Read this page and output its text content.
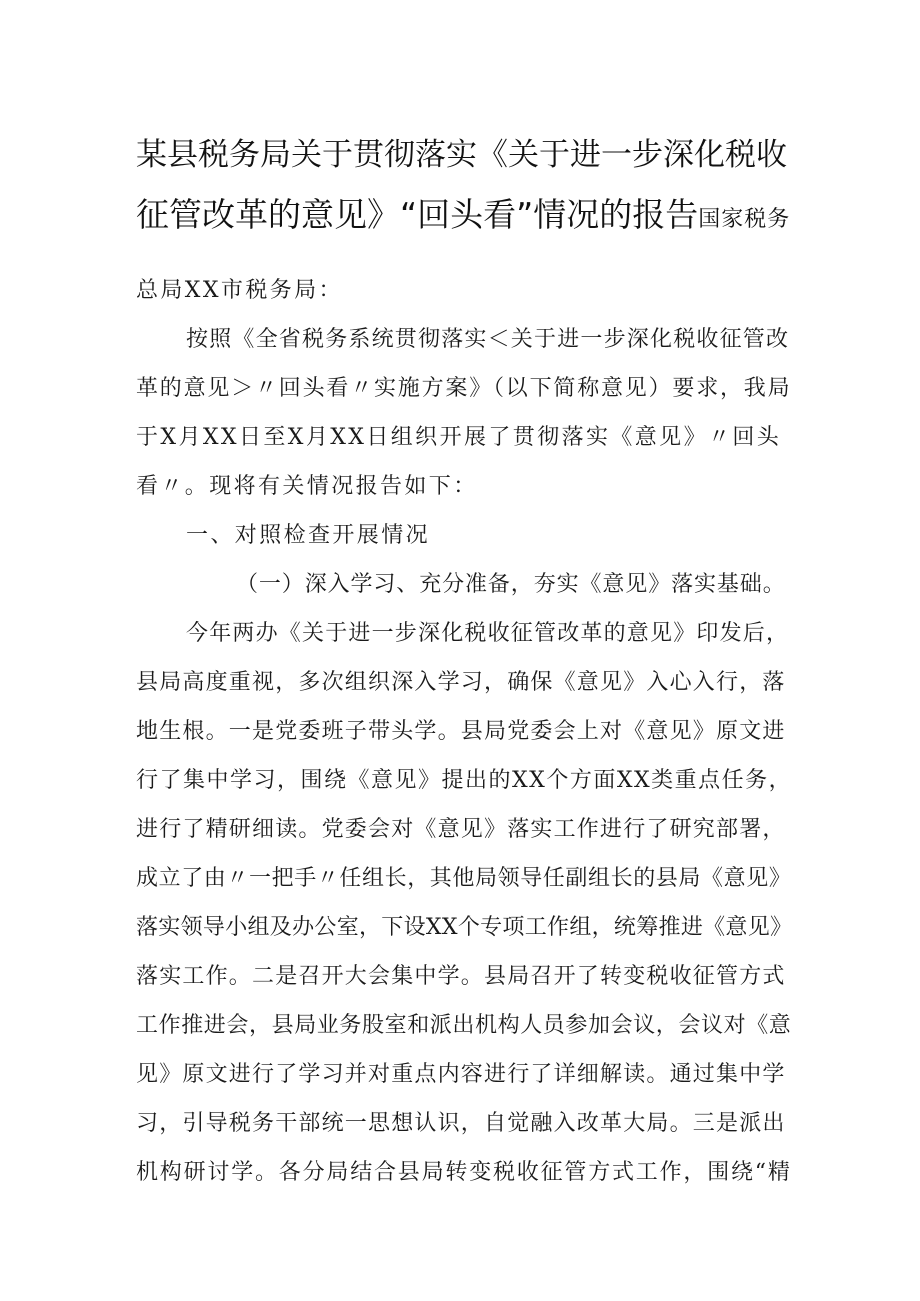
某县税务局关于贯彻落实《关于进一步深化税收
征管改革的意见》“回头看”情况的报告国家税务
总局XX市税务局：
按照《全省税务系统贯彻落实＜关于进一步深化税收征管改
革的意见＞〃回头看〃实施方案》（以下简称意见）要求，我局
于X月XX日至X月XX日组织开展了贯彻落实《意见》〃回头
看〃。现将有关情况报告如下：
一、对照检查开展情况
（一）深入学习、充分准备，夯实《意见》落实基础。
今年两办《关于进一步深化税收征管改革的意见》印发后，
县局高度重视，多次组织深入学习，确保《意见》入心入行，落
地生根。一是党委班子带头学。县局党委会上对《意见》原文进
行了集中学习，围绕《意见》提出的XX个方面XX类重点任务，
进行了精研细读。党委会对《意见》落实工作进行了研究部署，
成立了由〃一把手〃任组长，其他局领导任副组长的县局《意见》
落实领导小组及办公室，下设XX个专项工作组，统筹推进《意见》
落实工作。二是召开大会集中学。县局召开了转变税收征管方式
工作推进会，县局业务股室和派出机构人员参加会议，会议对《意
见》原文进行了学习并对重点内容进行了详细解读。通过集中学
习，引导税务干部统一思想认识，自觉融入改革大局。三是派出
机构研讨学。各分局结合县局转变税收征管方式工作，围绕“精
